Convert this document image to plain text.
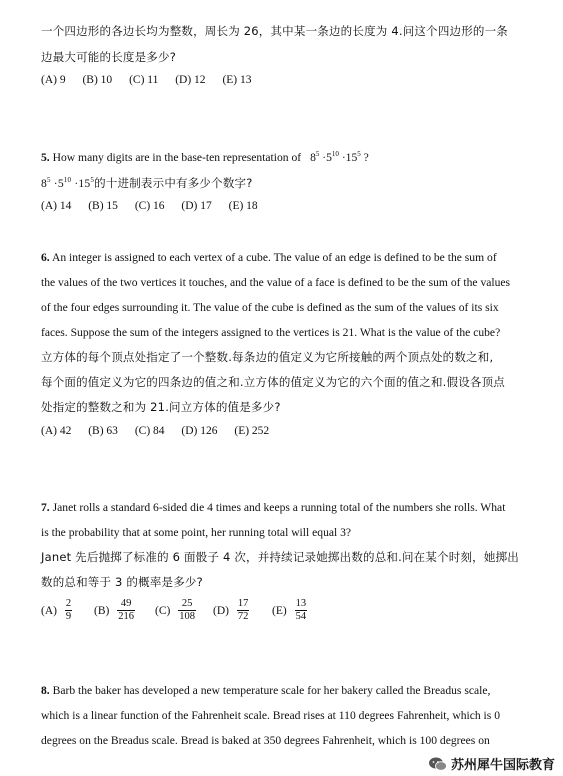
一个四边形的各边长均为整数，周长为 26，其中某一条边的长度为 4.问这个四边形的一条
边最大可能的长度是多少?
(A) 9 (B) 10 (C) 11 (D) 12 (E) 13
5. How many digits are in the base-ten representation of $8^5 \cdot 5^{10} \cdot 15^5$ ?
$8^5 \cdot 5^{10} \cdot 15^5$的十进制表示中有多少个数字?
(A) 14 (B) 15 (C) 16 (D) 17 (E) 18
6. An integer is assigned to each vertex of a cube. The value of an edge is defined to be the sum of
the values of the two vertices it touches, and the value of a face is defined to be the sum of the values
of the four edges surrounding it. The value of the cube is defined as the sum of the values of its six
faces. Suppose the sum of the integers assigned to the vertices is 21. What is the value of the cube?
立方体的每个顶点处指定了一个整数.每条边的值定义为它所接触的两个顶点处的数之和,
每个面的值定义为它的四条边的值之和.立方体的值定义为它的六个面的值之和.假设各顶点
处指定的整数之和为 21.问立方体的值是多少?
(A) 42 (B) 63 (C) 84 (D) 126 (E) 252
7. Janet rolls a standard 6-sided die 4 times and keeps a running total of the numbers she rolls. What
is the probability that at some point, her running total will equal 3?
Janet 先后抛掷了标准的 6 面骰子 4 次，并持续记录她掷出数的总和.问在某个时刻，她掷出
数的总和等于 3 的概率是多少?
$(A) \frac{2}{9} (B) \frac{49}{216} (C) \frac{25}{108} (D) \frac{17}{72} (E) \frac{13}{54}$
8. Barb the baker has developed a new temperature scale for her bakery called the Breadus scale,
which is a linear function of the Fahrenheit scale. Bread rises at 110 degrees Fahrenheit, which is 0
degrees on the Breadus scale. Bread is baked at 350 degrees Fahrenheit, which is 100 degrees on
苏州犀牛国际教育
